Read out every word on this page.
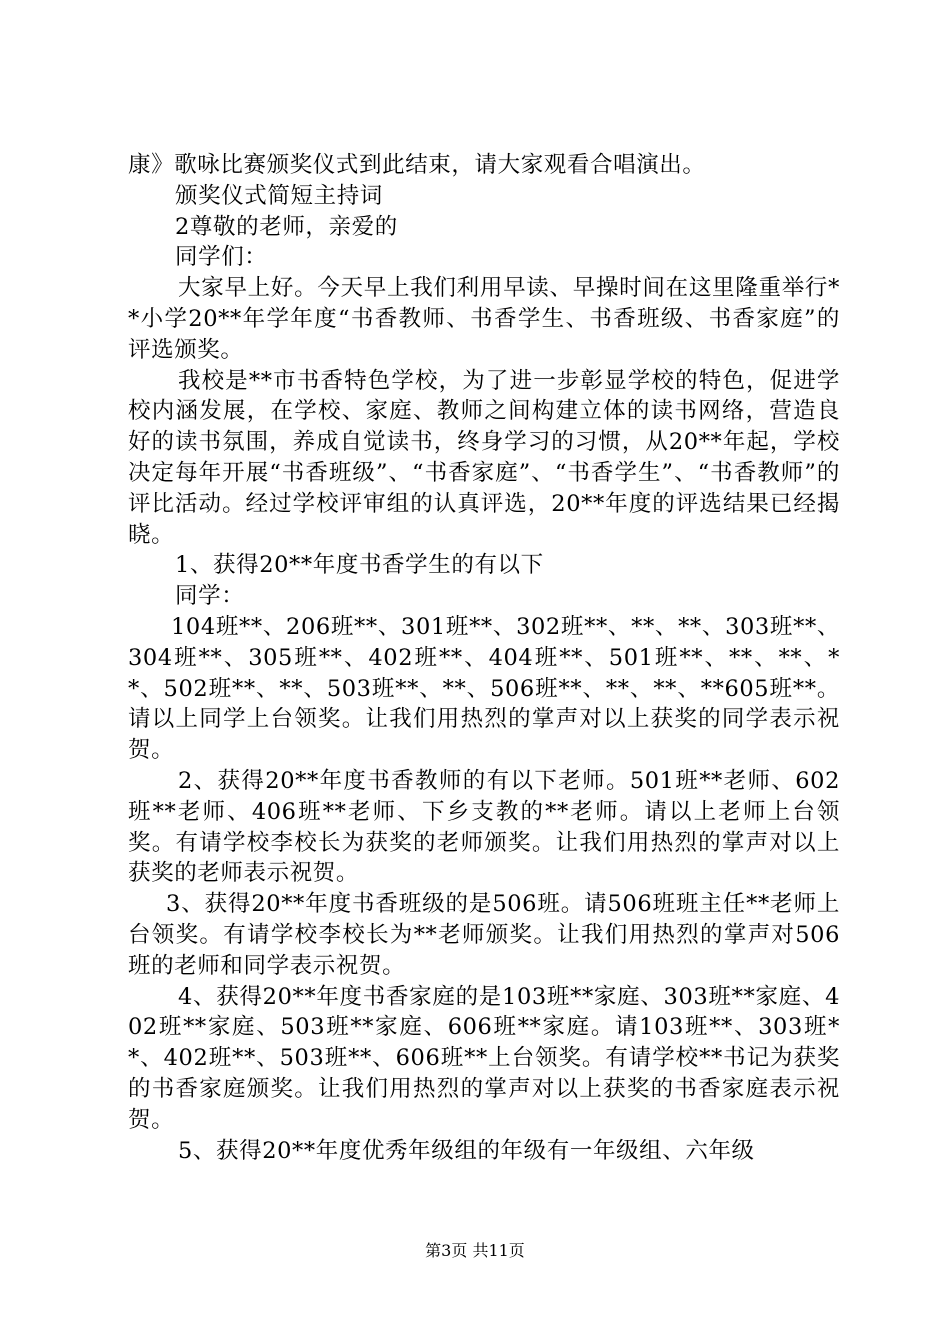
康》歌咏比赛颁奖仪式到此结束，请大家观看合唱演出。

颁奖仪式简短主持词

2尊敬的老师，亲爱的

同学们：

大家早上好。今天早上我们利用早读、早操时间在这里隆重举行**小学20**年学年度“书香教师、书香学生、书香班级、书香家庭”的评选颁奖。

我校是**市书香特色学校，为了进一步彰显学校的特色，促进学校内涵发展，在学校、家庭、教师之间构建立体的读书网络，营造良好的读书氛围，养成自觉读书，终身学习的习惯，从20**年起，学校决定每年开展“书香班级”、“书香家庭”、“书香学生”、“书香教师”的评比活动。经过学校评审组的认真评选，20**年度的评选结果已经揭晓。

1、获得20**年度书香学生的有以下

同学：

104班**、206班**、301班**、302班**、**、**、303班**、304班**、305班**、402班**、404班**、501班**、**、**、**、502班**、**、503班**、**、506班**、**、**、**605班**。请以上同学上台领奖。让我们用热烈的掌声对以上获奖的同学表示祝贺。

2、获得20**年度书香教师的有以下老师。501班**老师、602班**老师、406班**老师、下乡支教的**老师。请以上老师上台领奖。有请学校李校长为获奖的老师颁奖。让我们用热烈的掌声对以上获奖的老师表示祝贺。

3、获得20**年度书香班级的是506班。请506班班主任**老师上台领奖。有请学校李校长为**老师颁奖。让我们用热烈的掌声对506班的老师和同学表示祝贺。

4、获得20**年度书香家庭的是103班**家庭、303班**家庭、402班**家庭、503班**家庭、606班**家庭。请103班**、303班**、402班**、503班**、606班**上台领奖。有请学校**书记为获奖的书香家庭颁奖。让我们用热烈的掌声对以上获奖的书香家庭表示祝贺。

5、获得20**年度优秀年级组的年级有一年级组、六年级

第3页 共11页
